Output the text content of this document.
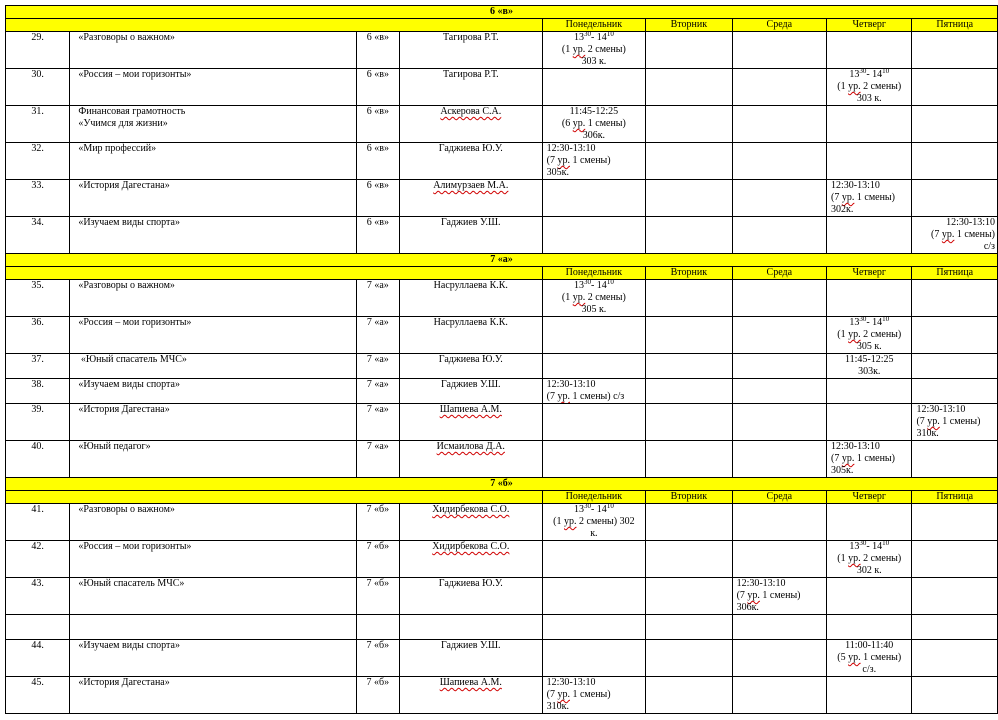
6 «в»								
				Понедельник	Вторник	Среда	Четверг	Пятница
29.	«Разговоры о важном»	6 «в»	Тагирова Р.Т.	$13^{30}-$ $14^{10}$
(1 ур. 2 смены)
303 к.				

30.	«Россия – мои горизонты»	6 «в»	Тагирова Р.Т.				$13^{30}-$ $14^{10}$
(1 ур. 2 смены)
303 к.	

31.	Финансовая грамотность
«Учимся для жизни»	6 «в»	Аскерова С.А.	11:45-12:25
(6 ур. 1 смены)
306к.				

32.	«Мир профессий»	6 «в»	Гаджиева Ю.У.	12:30-13:10
(7 ур. 1 смены)
305к.				

33.	«История Дагестана»	6 «в»	Алимурзаев М.А.				12:30-13:10
(7 ур. 1 смены)
302к.	

34.	«Изучаем виды спорта»	6 «в»	Гаджиев У.Ш.					12:30-13:10
(7 ур. 1 смены)
с/з

7 «а»								
				Понедельник	Вторник	Среда	Четверг	Пятница
35.	«Разговоры о важном»	7 «а»	Насруллаева К.К.	$13^{30}-$ $14^{10}$
(1 ур. 2 смены)
305 к.				

36.	«Россия – мои горизонты»	7 «а»	Насруллаева К.К.				$13^{30}-$ $14^{10}$
(1 ур. 2 смены)
305 к.	

37.	«Юный спасатель МЧС»	7 «а»	Гаджиева Ю.У.				11:45-12:25
303к.	

38.	«Изучаем виды спорта»	7 «а»	Гаджиев У.Ш.	12:30-13:10
(7 ур. 1 смены) с/з				

39.	«История Дагестана»	7 «а»	Шапиева А.М.					12:30-13:10
(7 ур. 1 смены)
310к.

40.	«Юный педагог»	7 «а»	Исмаилова Д.А.				12:30-13:10
(7 ур. 1 смены)
305к.	

7 «б»								
				Понедельник	Вторник	Среда	Четверг	Пятница
41.	«Разговоры о важном»	7 «б»	Хидирбекова С.О.	$13^{30}-$ $14^{10}$
(1 ур. 2 смены) 302
к.				

42.	«Россия – мои горизонты»	7 «б»	Хидирбекова С.О.				$13^{30}-$ $14^{10}$
(1 ур. 2 смены)
302 к.	

43.	«Юный спасатель МЧС»	7 «б»	Гаджиева Ю.У.			12:30-13:10
(7 ур. 1 смены)
306к.		

44.	«Изучаем виды спорта»	7 «б»	Гаджиев У.Ш.				11:00-11:40
(5 ур. 1 смены)
с/з.	

45.	«История Дагестана»	7 «б»	Шапиева А.М.	12:30-13:10
(7 ур. 1 смены)
310к.				
